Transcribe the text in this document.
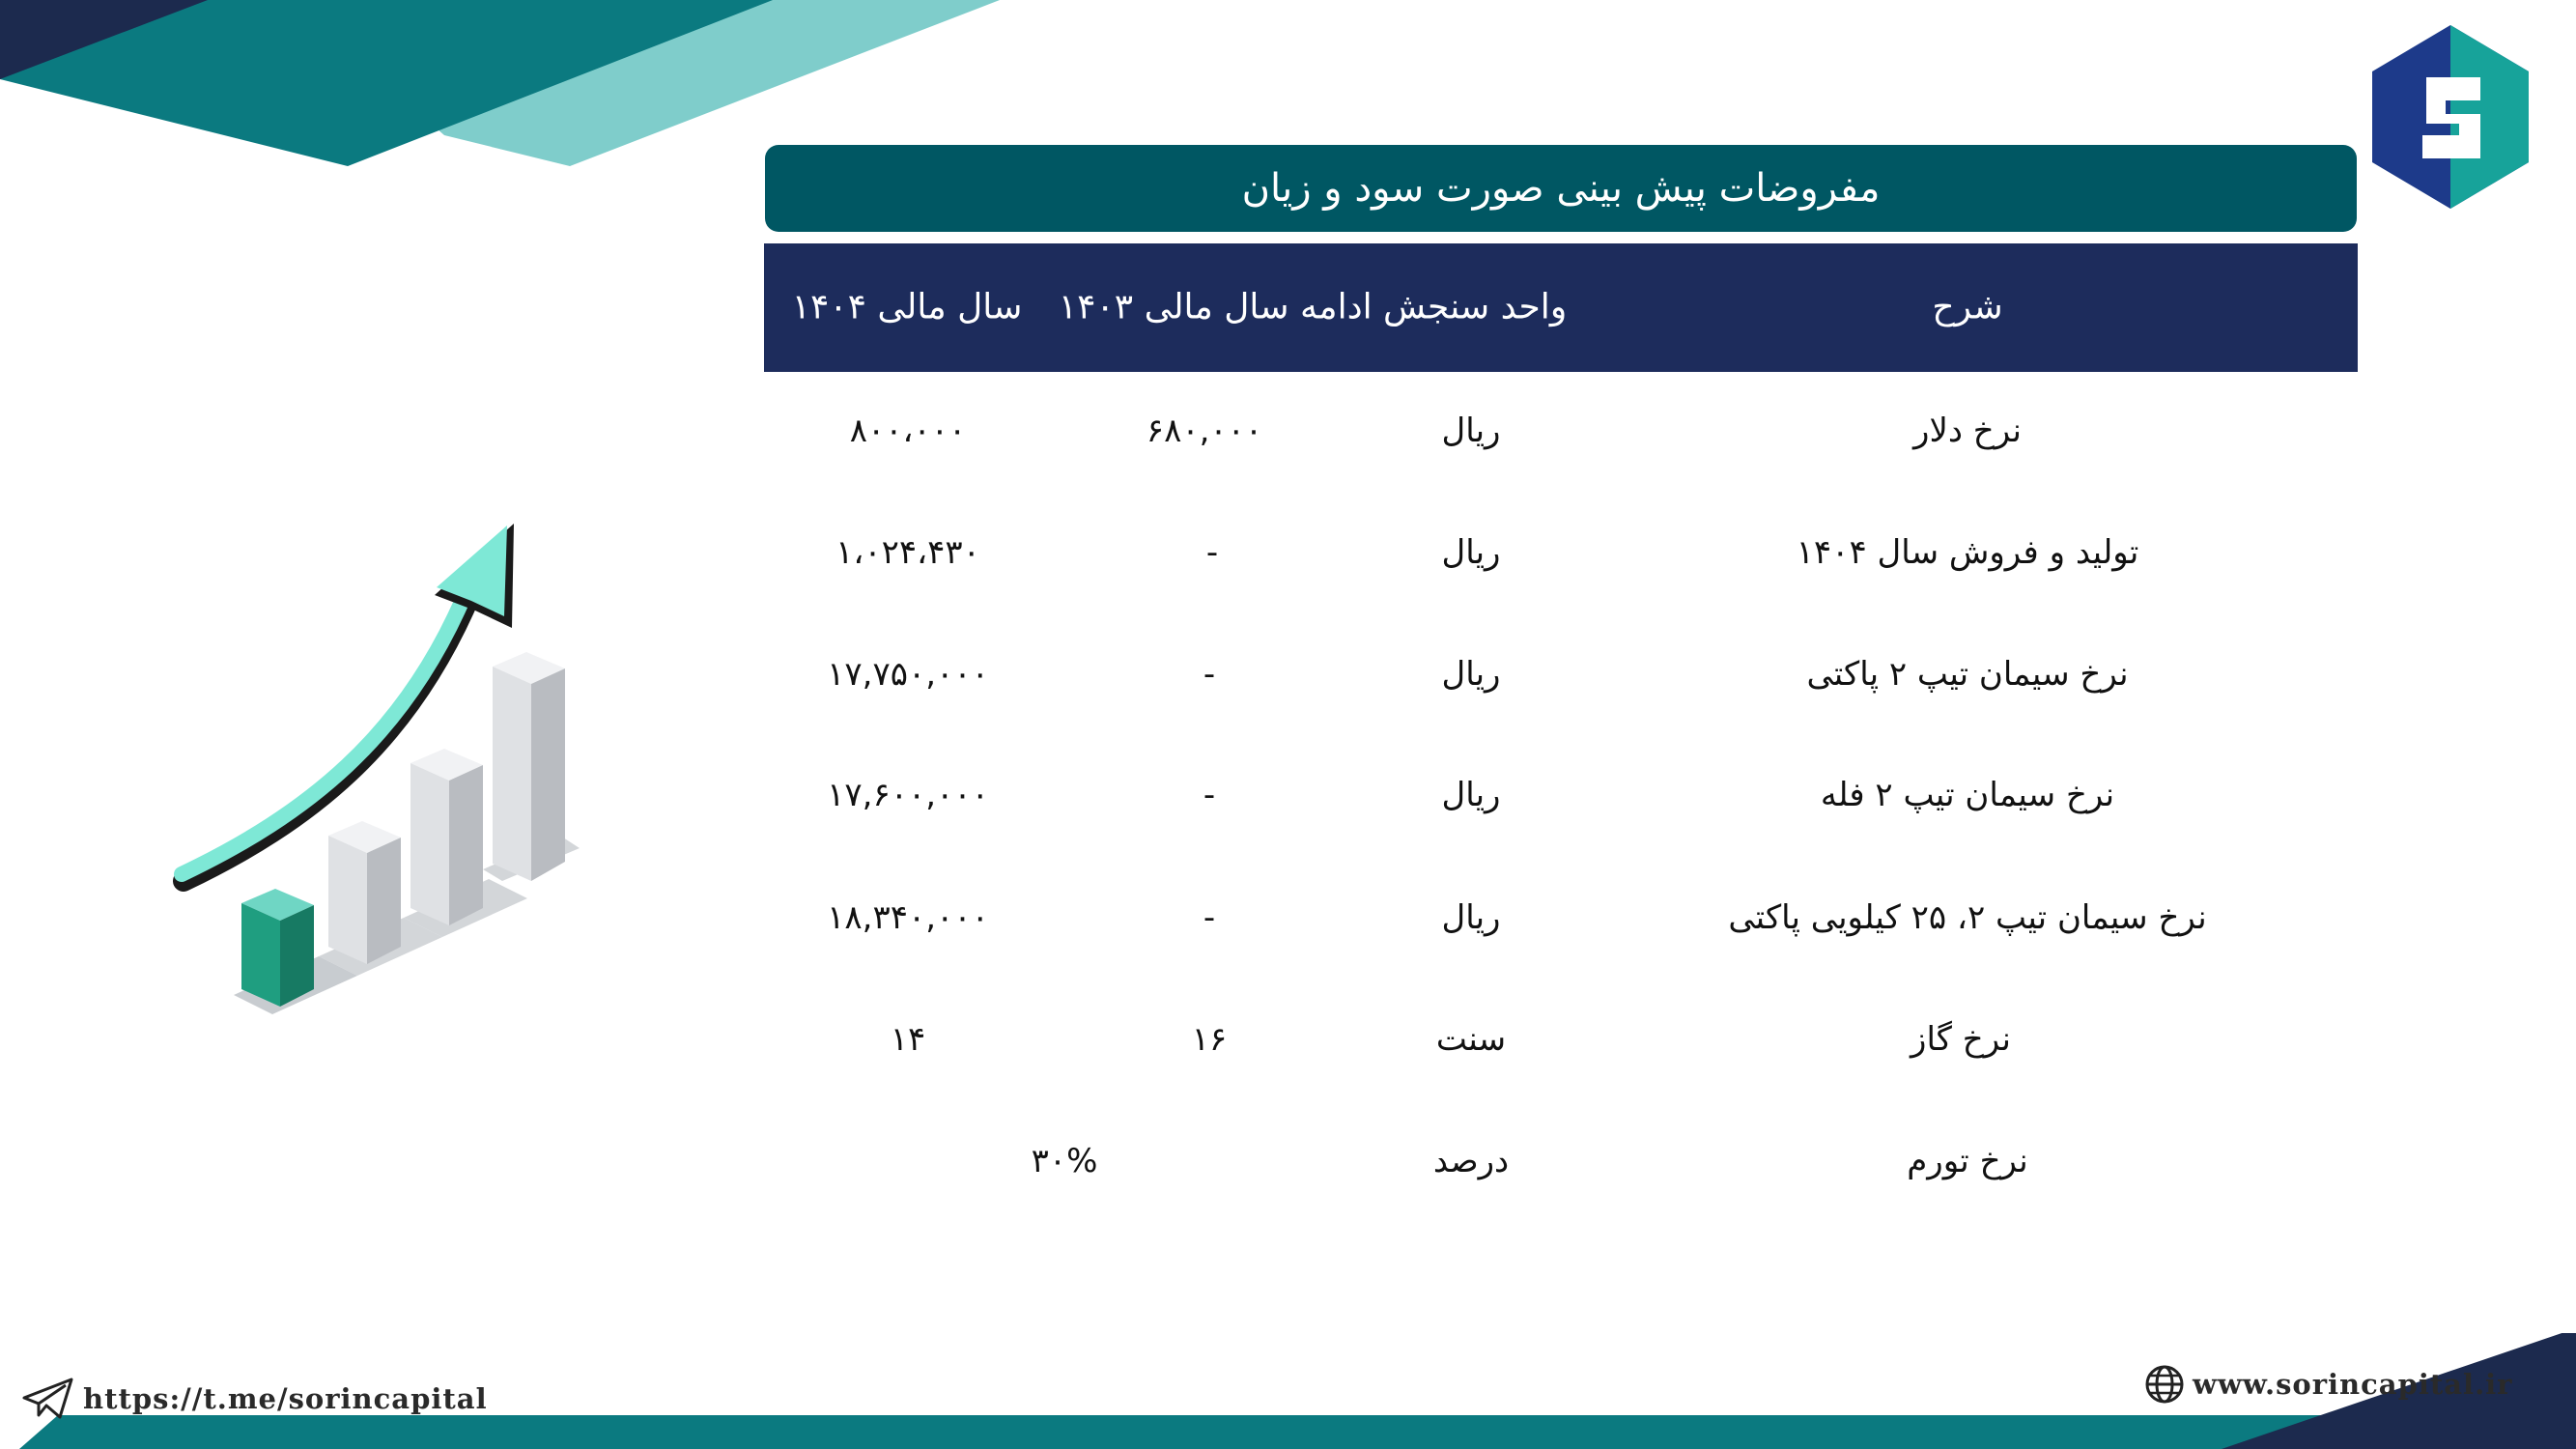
مفروضات پیش بینی صورت سود و زیان
شرح
واحد سنجش ادامه سال مالی ۱۴۰۳
سال مالی ۱۴۰۴
نرخ دلار
ریال
۶۸۰,۰۰۰
۸۰۰،۰۰۰
تولید و فروش سال ۱۴۰۴
ریال
-
۱،۰۲۴،۴۳۰
نرخ سیمان تیپ ۲ پاکتی
ریال
-
۱۷,۷۵۰,۰۰۰
نرخ سیمان تیپ ۲ فله
ریال
-
۱۷,۶۰۰,۰۰۰
نرخ سیمان تیپ ۲، ۲۵ کیلویی پاکتی
ریال
-
۱۸,۳۴۰,۰۰۰
نرخ گاز
سنت
۱۶
۱۴
نرخ تورم
درصد
۳۰%
https://t.me/sorincapital	www.sorincapital.ir
